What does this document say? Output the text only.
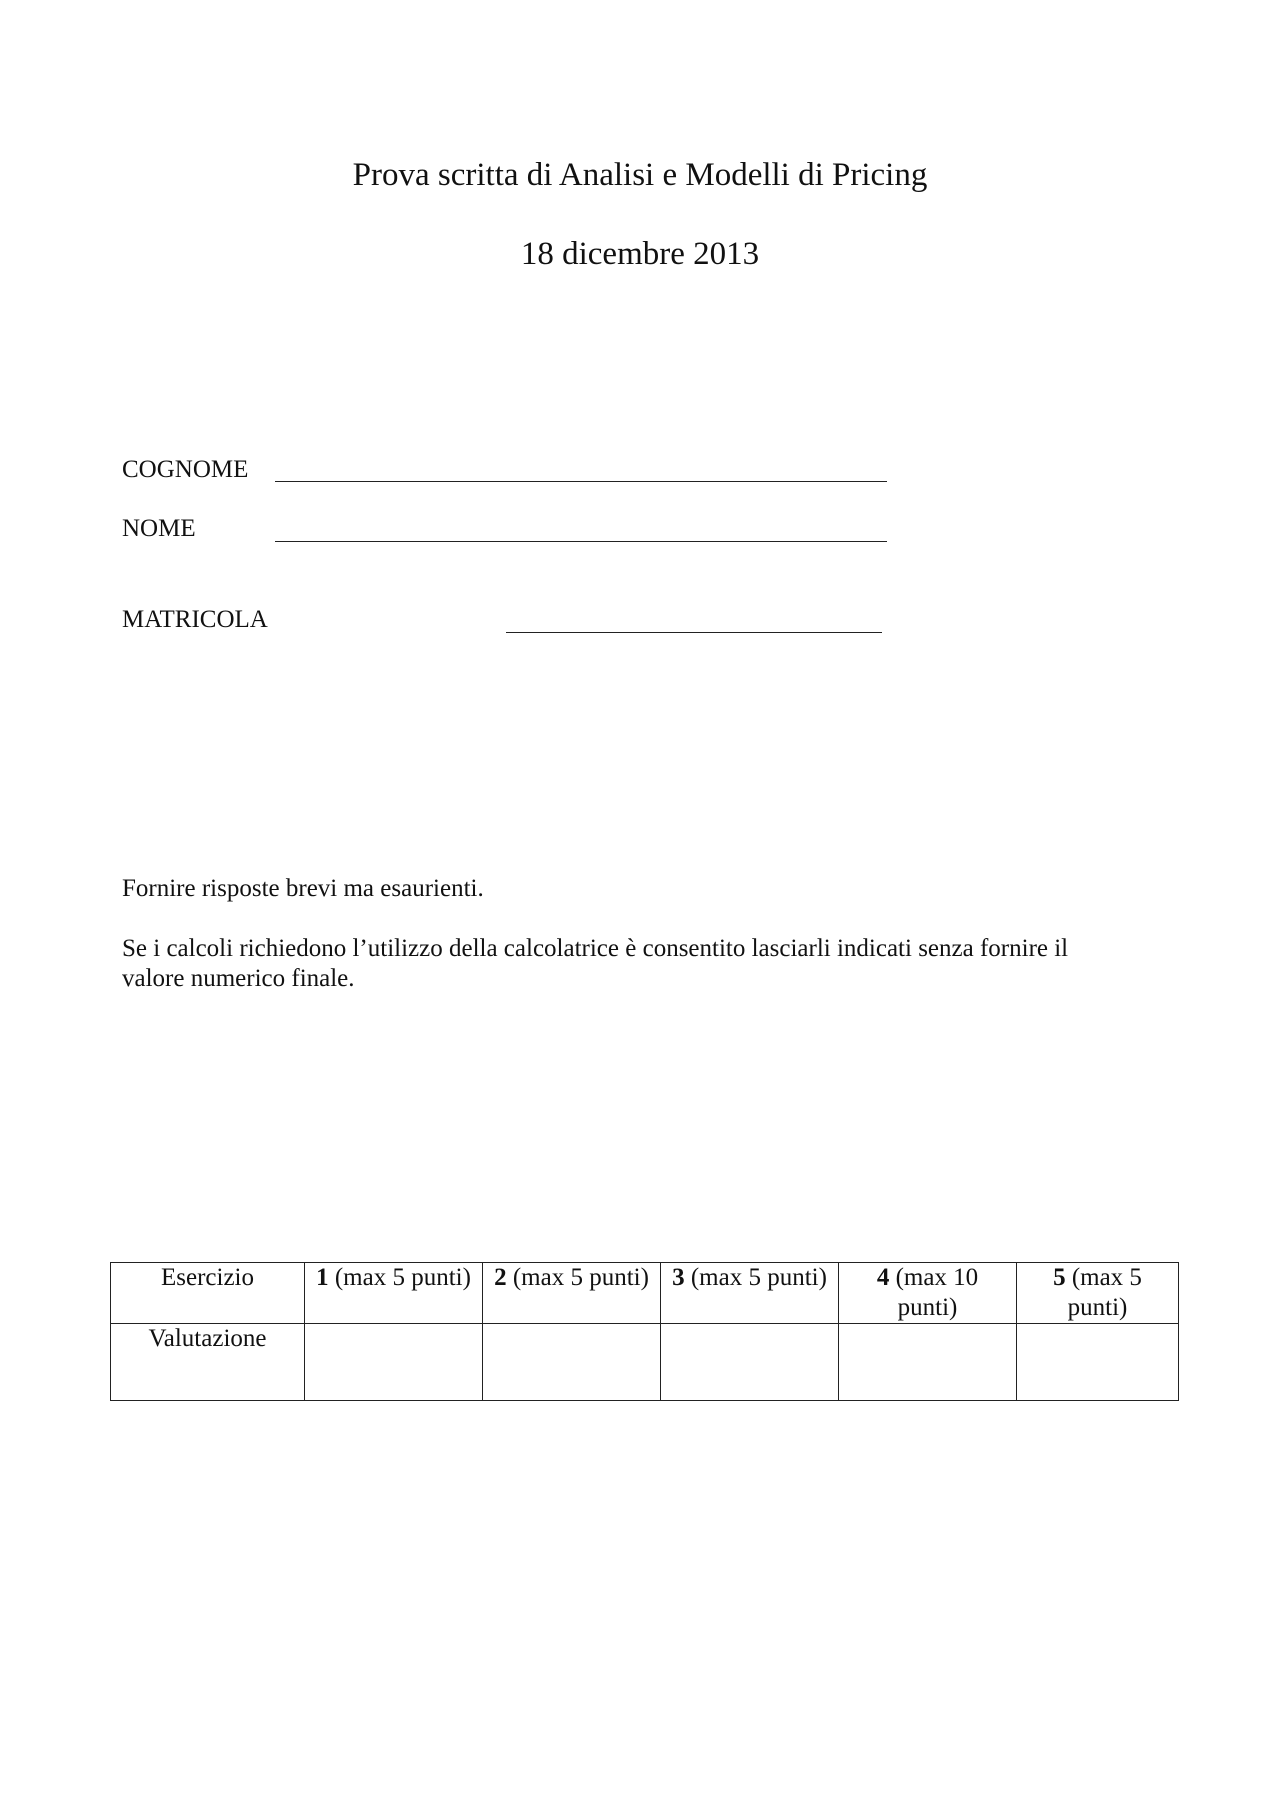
Prova scritta di Analisi e Modelli di Pricing
18 dicembre 2013
COGNOME
NOME
MATRICOLA
Fornire risposte brevi ma esaurienti.
Se i calcoli richiedono l’utilizzo della calcolatrice è consentito lasciarli indicati senza fornire il valore numerico finale.
Esercizio	1 (max 5 punti)	2 (max 5 punti)	3 (max 5 punti)	4 (max 10 punti)	5 (max 5 punti)
Valutazione					
